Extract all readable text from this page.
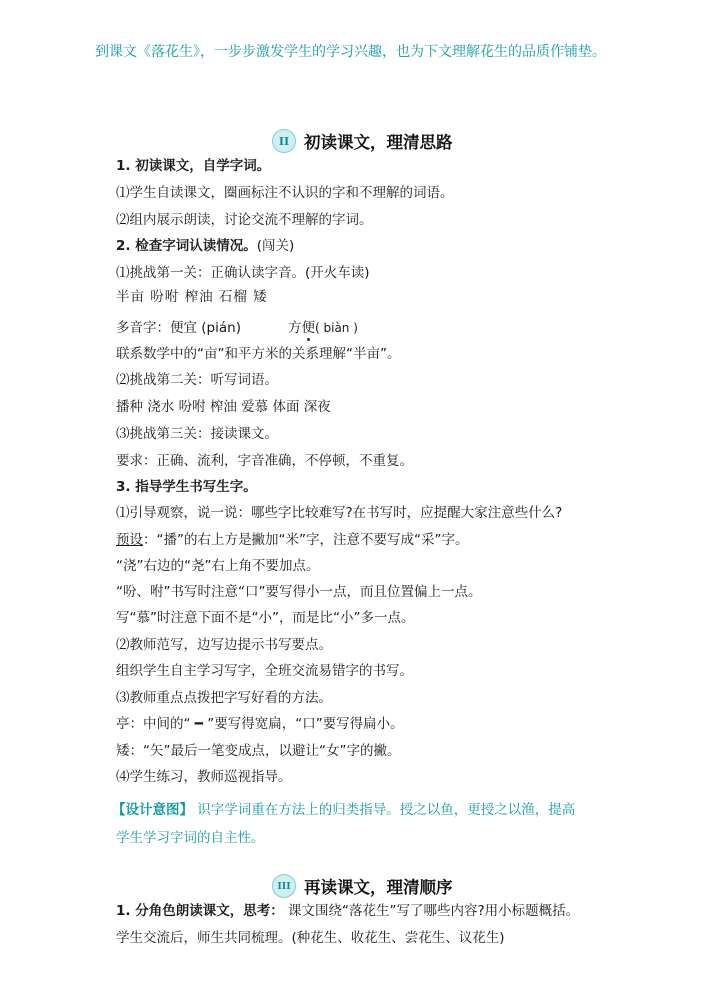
到课文《落花生》，一步步激发学生的学习兴趣，也为下文理解花生的品质作铺垫。
II 初读课文，理清思路
1. 初读课文，自学字词。
⑴学生自读课文，圈画标注不认识的字和不理解的词语。
⑵组内展示朗读，讨论交流不理解的字词。
2. 检查字词认读情况。(闯关)
⑴挑战第一关：正确认读字音。(开火车读)
半亩 吩咐 榨油 石榴 矮
多音字：便宜 (pián)	方便( biàn )
联系数学中的“亩”和平方米的关系理解“半亩”。
⑵挑战第二关：听写词语。
播种 浇水 吩咐 榨油 爱慕 体面 深夜
⑶挑战第三关：接读课文。
要求：正确、流利，字音准确，不停顿，不重复。
3. 指导学生书写生字。
⑴引导观察，说一说：哪些字比较难写?在书写时，应提醒大家注意些什么?
预设：“播”的右上方是撇加“米”字，注意不要写成“采”字。
“浇”右边的“尧”右上角不要加点。
“吩、咐”书写时注意“口”要写得小一点，而且位置偏上一点。
写“慕”时注意下面不是“小”，而是比“小”多一点。
⑵教师范写，边写边提示书写要点。
组织学生自主学习写字，全班交流易错字的书写。
⑶教师重点点拨把字写好看的方法。
亭：中间的“ ━ ”要写得宽扁，“口”要写得扁小。
矮：“矢”最后一笔变成点，以避让“女”字的撇。
⑷学生练习，教师巡视指导。
【设计意图】 识字学词重在方法上的归类指导。授之以鱼，更授之以渔，提高
学生学习字词的自主性。
III 再读课文，理清顺序
1. 分角色朗读课文，思考： 课文围绕“落花生”写了哪些内容?用小标题概括。
学生交流后，师生共同梳理。(种花生、收花生、尝花生、议花生)
